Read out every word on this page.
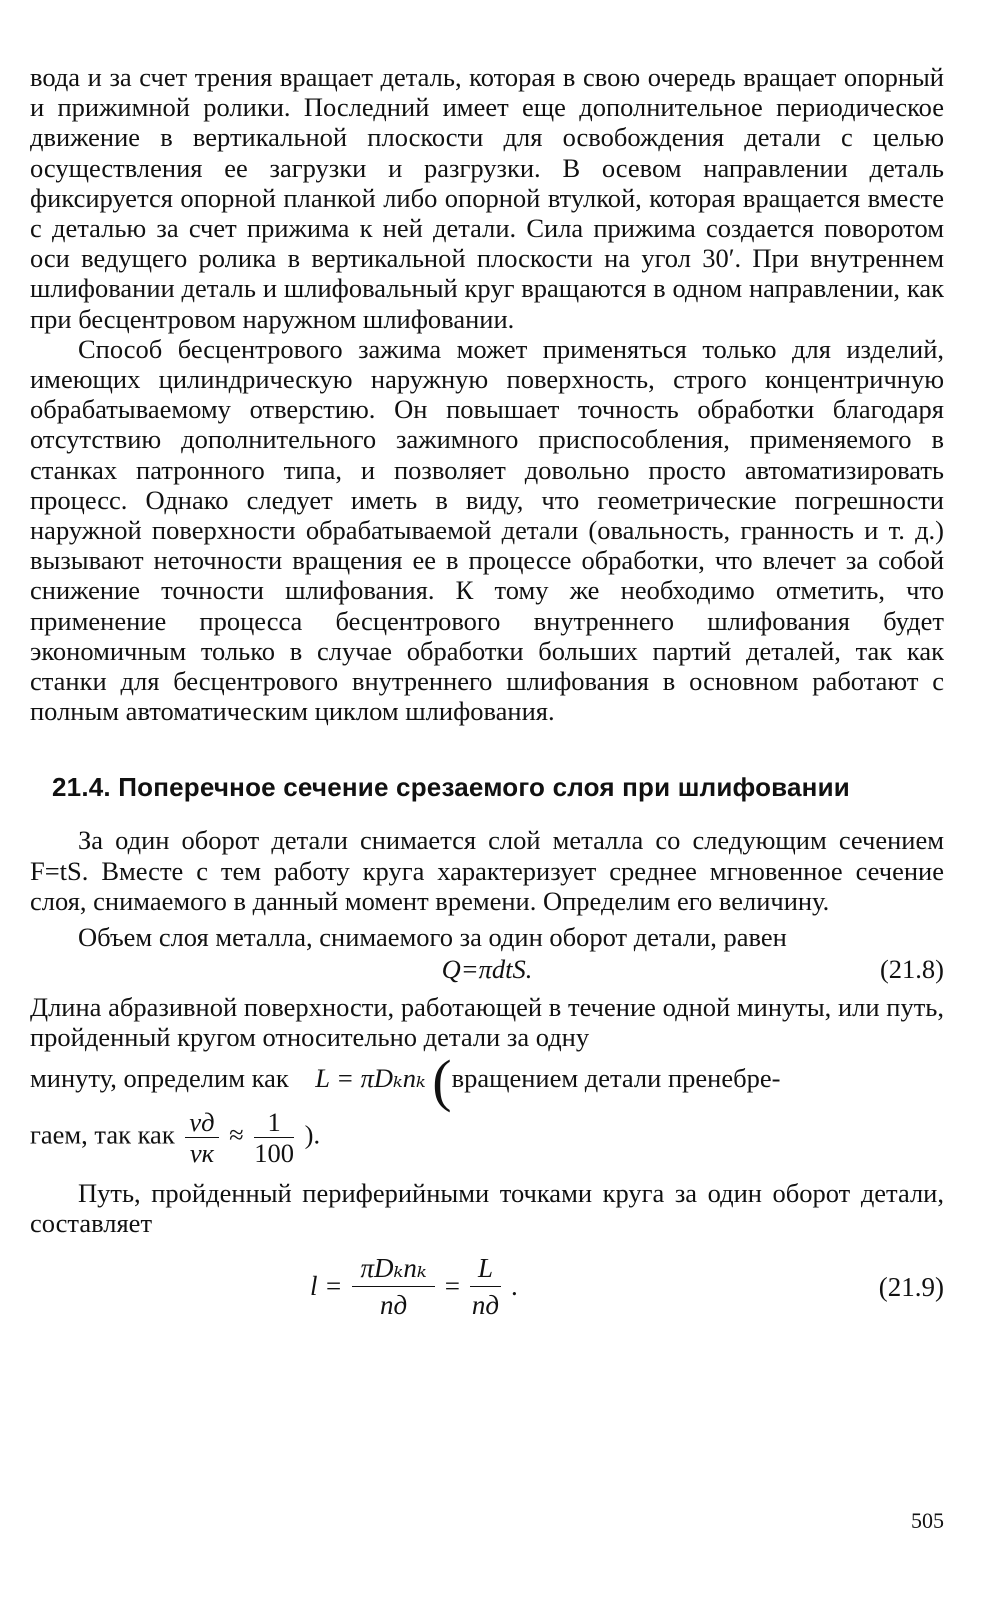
вода и за счет трения вращает деталь, которая в свою очередь вращает опорный и прижимной ролики. Последний имеет еще дополнительное периодическое движение в вертикальной плоскости для освобождения детали с целью осуществления ее загрузки и разгрузки. В осевом направлении деталь фиксируется опорной планкой либо опорной втулкой, которая вращается вместе с деталью за счет прижима к ней детали. Сила прижима создается поворотом оси ведущего ролика в вертикальной плоскости на угол 30′. При внутреннем шлифовании деталь и шлифовальный круг вращаются в одном направлении, как при бесцентровом наружном шлифовании.

Способ бесцентрового зажима может применяться только для изделий, имеющих цилиндрическую наружную поверхность, строго концентричную обрабатываемому отверстию. Он повышает точность обработки благодаря отсутствию дополнительного зажимного приспособления, применяемого в станках патронного типа, и позволяет довольно просто автоматизировать процесс. Однако следует иметь в виду, что геометрические погрешности наружной поверхности обрабатываемой детали (овальность, гранность и т. д.) вызывают неточности вращения ее в процессе обработки, что влечет за собой снижение точности шлифования. К тому же необходимо отметить, что применение процесса бесцентрового внутреннего шлифования будет экономичным только в случае обработки больших партий деталей, так как станки для бесцентрового внутреннего шлифования в основном работают с полным автоматическим циклом шлифования.

21.4. Поперечное сечение срезаемого слоя при шлифовании

За один оборот детали снимается слой металла со следующим сечением F=tS. Вместе с тем работу круга характеризует среднее мгновенное сечение слоя, снимаемого в данный момент времени. Определим его величину.

Объем слоя металла, снимаемого за один оборот детали, равен

Q=πdtS.	(21.8)

Длина абразивной поверхности, работающей в течение одной минуты, или путь, пройденный кругом относительно детали за одну

минуту, определим как L = πDₖnₖ (вращением детали пренебре-
гаем, так как $\frac{vд}{vк} \approx \frac{1}{100}$ ).

Путь, пройденный периферийными точками круга за один оборот детали, составляет

$l = \frac{\text{πDₖnₖ}}{nд} = \frac{L}{nд}$ .	(21.9)
505
